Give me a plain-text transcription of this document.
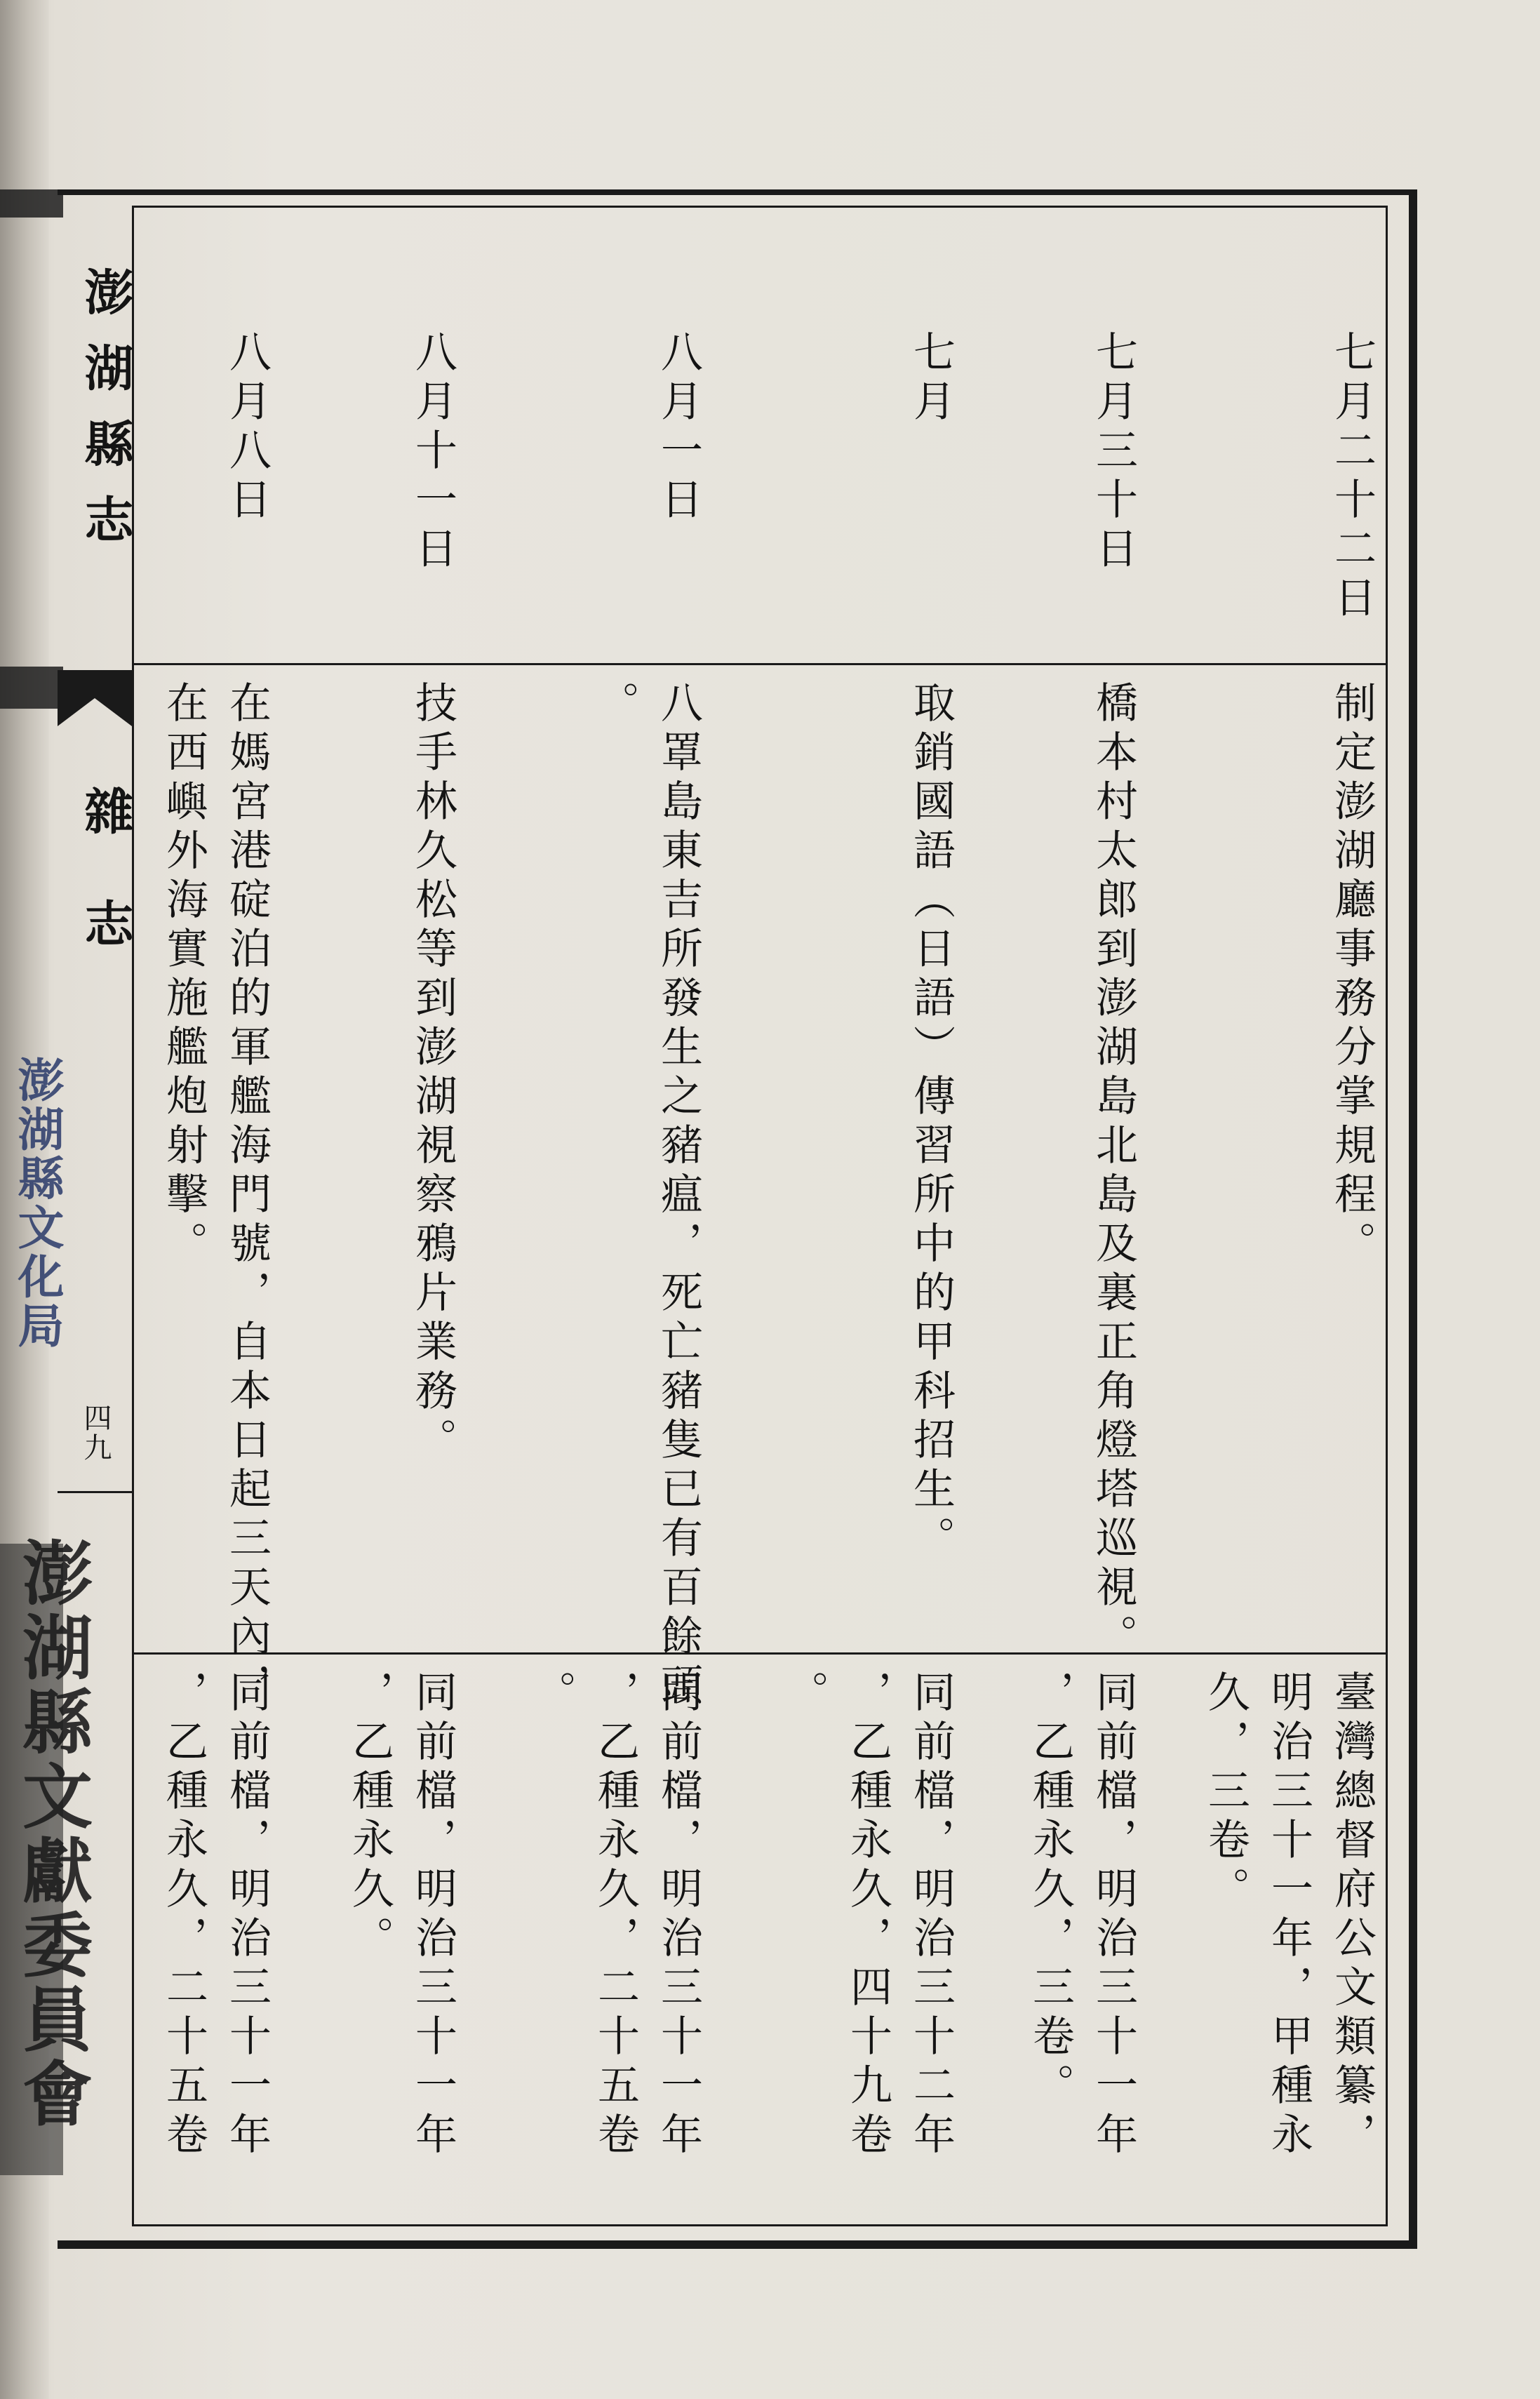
澎湖縣志
雜志
四九
澎湖縣文化局
澎湖縣文獻委員會
七月二十二日
制定澎湖廳事務分掌規程。
臺灣總督府公文類纂，
明治三十一年，甲種永
久，三卷。
七月三十日
橋本村太郎到澎湖島北島及裏正角燈塔巡視。
同前檔，明治三十一年
，乙種永久，三卷。
七月
取銷國語（日語）傳習所中的甲科招生。
同前檔，明治三十二年
，乙種永久，四十九卷
。
八月一日
八罩島東吉所發生之豬瘟，死亡豬隻已有百餘頭
。
同前檔，明治三十一年
，乙種永久，二十五卷
。
八月十一日
技手林久松等到澎湖視察鴉片業務。
同前檔，明治三十一年
，乙種永久。
八月八日
在媽宮港碇泊的軍艦海門號，自本日起三天內，
在西嶼外海實施艦炮射擊。
同前檔，明治三十一年
，乙種永久，二十五卷
